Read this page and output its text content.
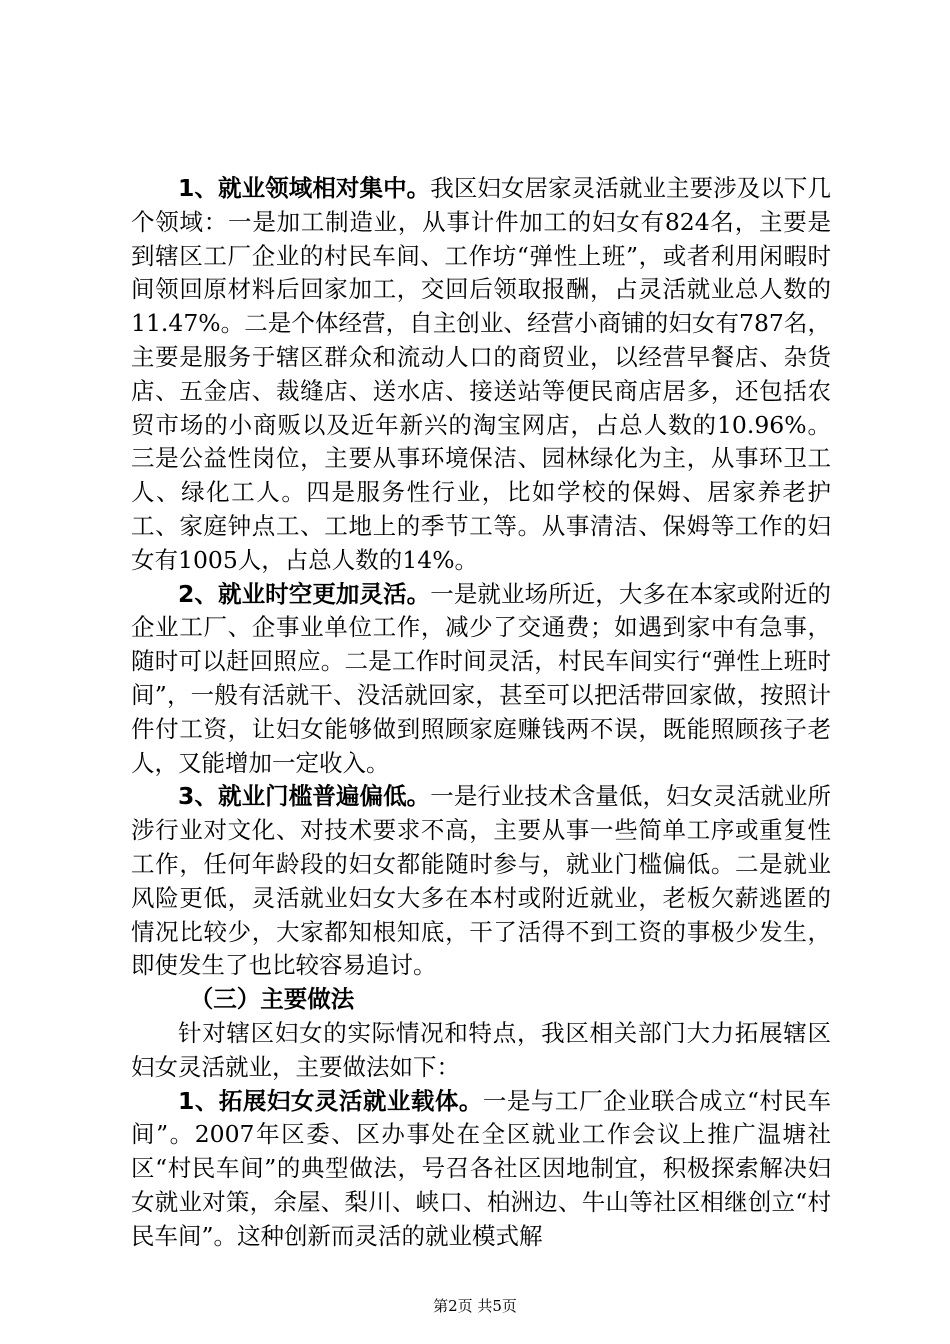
1、就业领域相对集中。我区妇女居家灵活就业主要涉及以下几个领域：一是加工制造业，从事计件加工的妇女有824名，主要是到辖区工厂企业的村民车间、工作坊“弹性上班”，或者利用闲暇时间领回原材料后回家加工，交回后领取报酬，占灵活就业总人数的11.47%。二是个体经营，自主创业、经营小商铺的妇女有787名，主要是服务于辖区群众和流动人口的商贸业，以经营早餐店、杂货店、五金店、裁缝店、送水店、接送站等便民商店居多，还包括农贸市场的小商贩以及近年新兴的淘宝网店，占总人数的10.96%。三是公益性岗位，主要从事环境保洁、园林绿化为主，从事环卫工人、绿化工人。四是服务性行业，比如学校的保姆、居家养老护工、家庭钟点工、工地上的季节工等。从事清洁、保姆等工作的妇女有1005人，占总人数的14%。

2、就业时空更加灵活。一是就业场所近，大多在本家或附近的企业工厂、企事业单位工作，减少了交通费；如遇到家中有急事，随时可以赶回照应。二是工作时间灵活，村民车间实行“弹性上班时间”，一般有活就干、没活就回家，甚至可以把活带回家做，按照计件付工资，让妇女能够做到照顾家庭赚钱两不误，既能照顾孩子老人，又能增加一定收入。

3、就业门槛普遍偏低。一是行业技术含量低，妇女灵活就业所涉行业对文化、对技术要求不高，主要从事一些简单工序或重复性工作，任何年龄段的妇女都能随时参与，就业门槛偏低。二是就业风险更低，灵活就业妇女大多在本村或附近就业，老板欠薪逃匿的情况比较少，大家都知根知底，干了活得不到工资的事极少发生，即使发生了也比较容易追讨。

（三）主要做法

针对辖区妇女的实际情况和特点，我区相关部门大力拓展辖区妇女灵活就业，主要做法如下：

1、拓展妇女灵活就业载体。一是与工厂企业联合成立“村民车间”。2007年区委、区办事处在全区就业工作会议上推广温塘社区“村民车间”的典型做法，号召各社区因地制宜，积极探索解决妇女就业对策，余屋、梨川、峡口、柏洲边、牛山等社区相继创立“村民车间”。这种创新而灵活的就业模式解

第2页 共5页
